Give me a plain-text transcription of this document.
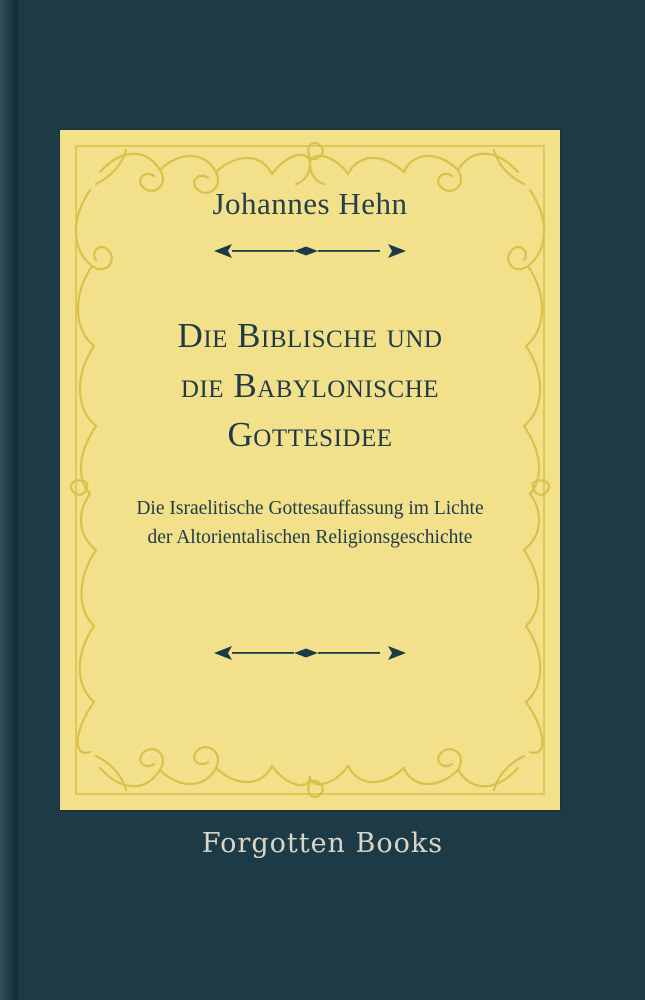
Johannes Hehn
Die Biblische und
die Babylonische
Gottesidee
Die Israelitische Gottesauffassung im Lichte
der Altorientalischen Religionsgeschichte
Forgotten Books
